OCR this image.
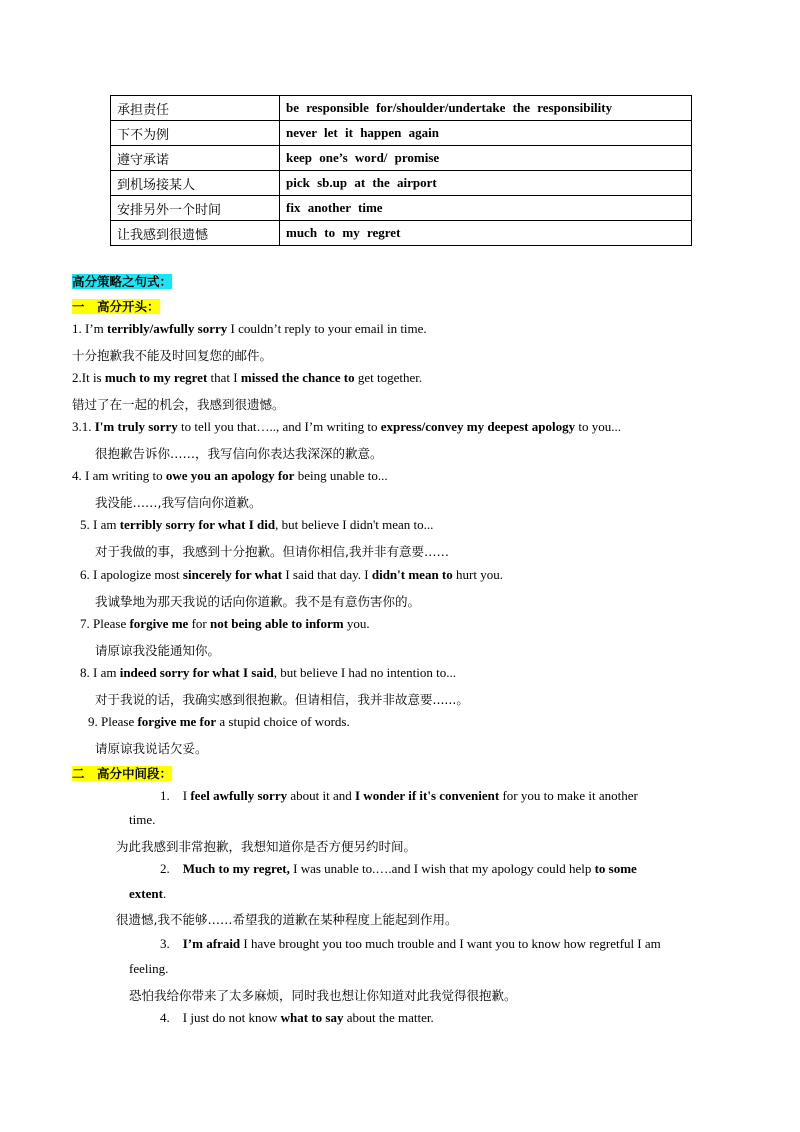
承担责任	be responsible for/shoulder/undertake the responsibility
下不为例	never let it happen again
遵守承诺	keep one’s word/ promise
到机场接某人	pick sb.up at the airport
安排另外一个时间	fix another time
让我感到很遗憾	much to my regret
高分策略之句式：
一　高分开头：
1. I’m terribly/awfully sorry I couldn’t reply to your email in time.
十分抱歉我不能及时回复您的邮件。
2.It is much to my regret that I missed the chance to get together.
错过了在一起的机会，我感到很遗憾。
3.1. I'm truly sorry to tell you that….., and I’m writing to express/convey my deepest apology to you...
很抱歉告诉你……，我写信向你表达我深深的歉意。
4. I am writing to owe you an apology for being unable to...
我没能……,我写信向你道歉。
5. I am terribly sorry for what I did, but believe I didn't mean to...
对于我做的事，我感到十分抱歉。但请你相信,我并非有意要……
6. I apologize most sincerely for what I said that day. I didn't mean to hurt you.
我诚挚地为那天我说的话向你道歉。我不是有意伤害你的。
7. Please forgive me for not being able to inform you.
请原谅我没能通知你。
8. I am indeed sorry for what I said, but believe I had no intention to...
对于我说的话，我确实感到很抱歉。但请相信，我并非故意要......。
9. Please forgive me for a stupid choice of words.
请原谅我说话欠妥。
二　高分中间段：
1. I feel awfully sorry about it and I wonder if it's convenient for you to make it another
time.
为此我感到非常抱歉，我想知道你是否方便另约时间。
2. Much to my regret, I was unable to.….and I wish that my apology could help to some
extent.
很遗憾,我不能够……希望我的道歉在某种程度上能起到作用。
3. I’m afraid I have brought you too much trouble and I want you to know how regretful I am
feeling.
恐怕我给你带来了太多麻烦，同时我也想让你知道对此我觉得很抱歉。
4. I just do not know what to say about the matter.
